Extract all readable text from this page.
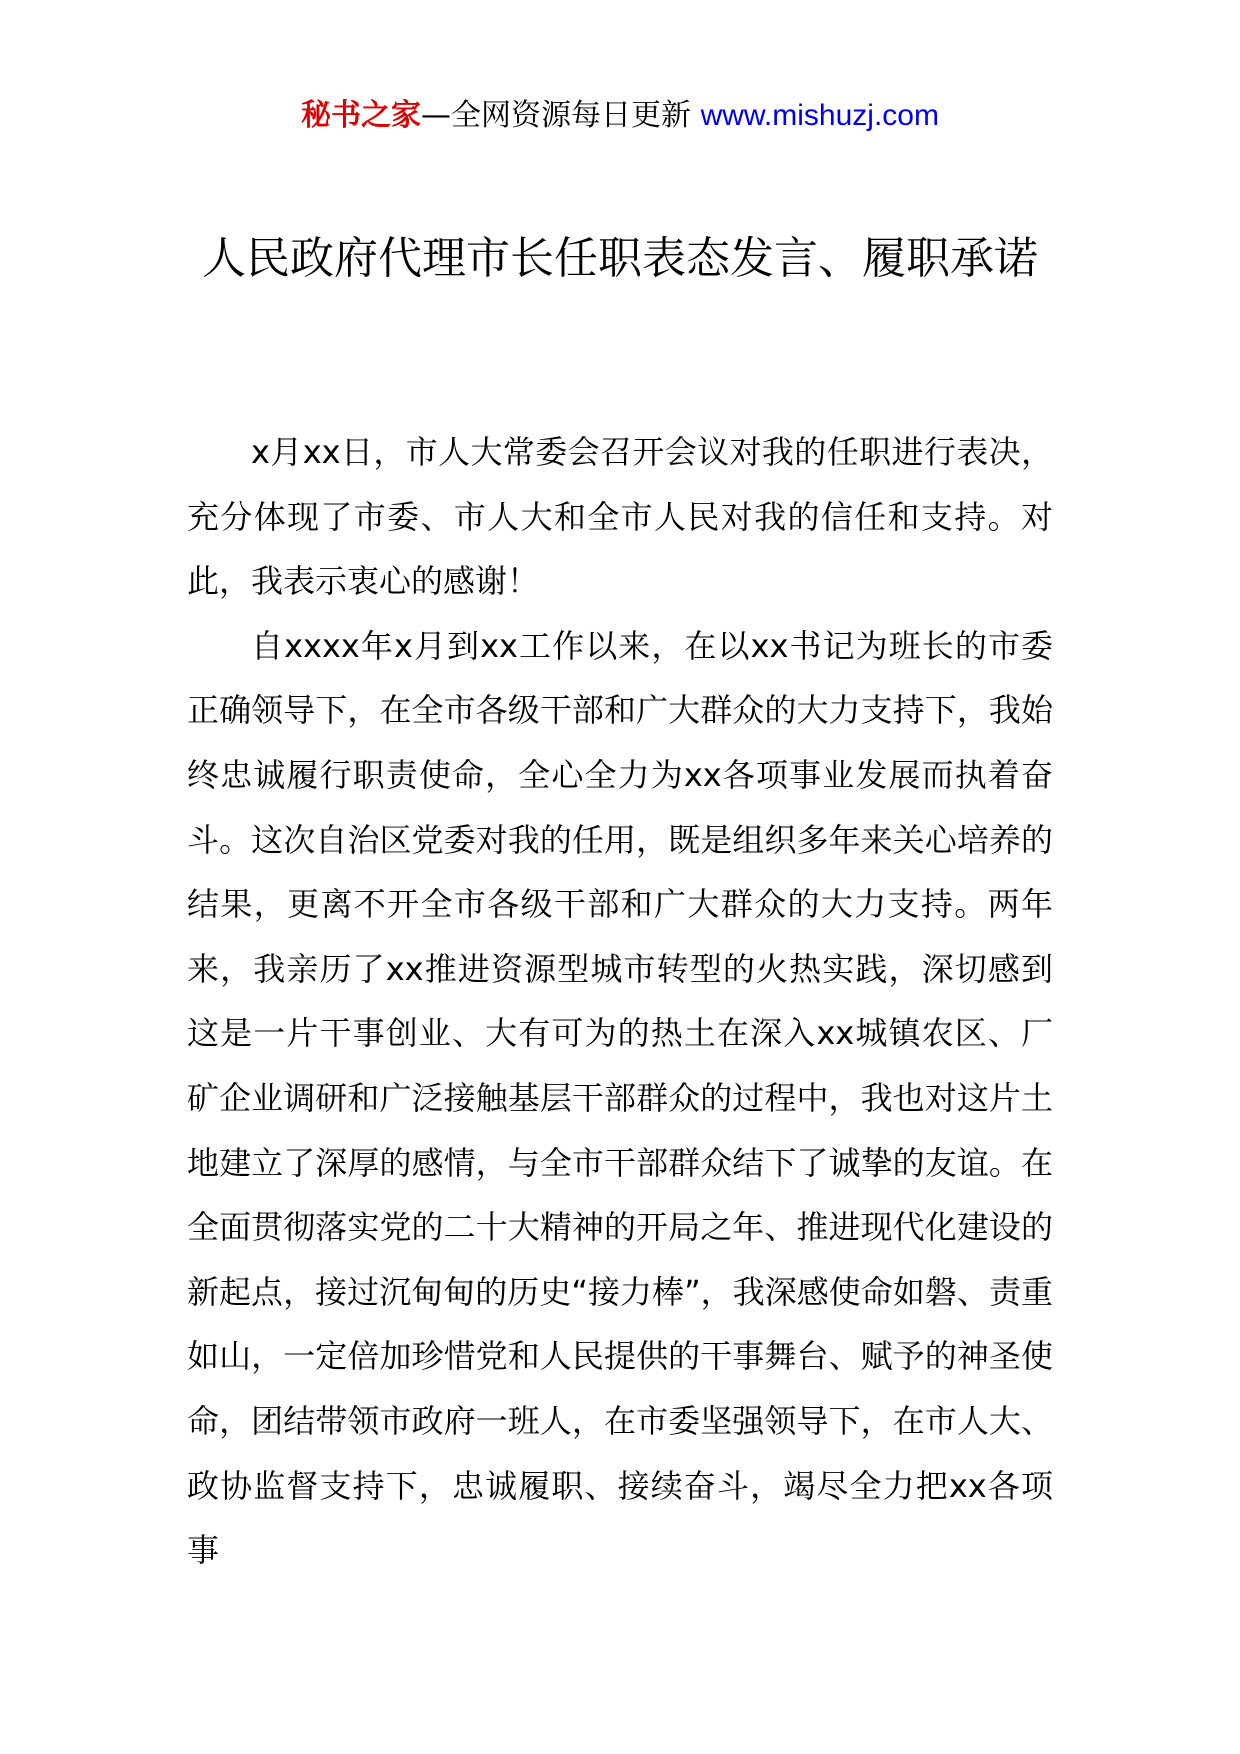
秘书之家—全网资源每日更新 www.mishuzj.com
人民政府代理市长任职表态发言、履职承诺

x月xx日，市人大常委会召开会议对我的任职进行表决，充分体现了市委、市人大和全市人民对我的信任和支持。对此，我表示衷心的感谢！

自xxxx年x月到xx工作以来，在以xx书记为班长的市委正确领导下，在全市各级干部和广大群众的大力支持下，我始终忠诚履行职责使命，全心全力为xx各项事业发展而执着奋斗。这次自治区党委对我的任用，既是组织多年来关心培养的结果，更离不开全市各级干部和广大群众的大力支持。两年来，我亲历了xx推进资源型城市转型的火热实践，深切感到这是一片干事创业、大有可为的热土在深入xx城镇农区、厂矿企业调研和广泛接触基层干部群众的过程中，我也对这片土地建立了深厚的感情，与全市干部群众结下了诚挚的友谊。在全面贯彻落实党的二十大精神的开局之年、推进现代化建设的新起点，接过沉甸甸的历史“接力棒”，我深感使命如磐、责重如山，一定倍加珍惜党和人民提供的干事舞台、赋予的神圣使命，团结带领市政府一班人，在市委坚强领导下，在市人大、政协监督支持下，忠诚履职、接续奋斗，竭尽全力把xx各项事
